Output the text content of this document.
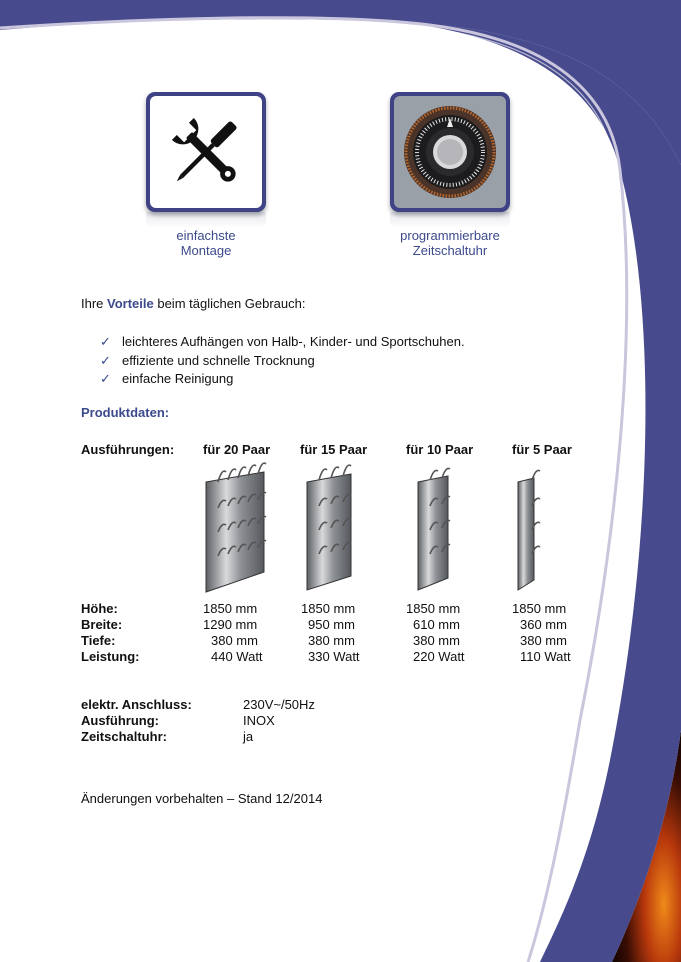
einfachste
Montage
programmierbare
Zeitschaltuhr
Ihre Vorteile beim täglichen Gebrauch:
✓ leichteres Aufhängen von Halb-, Kinder- und Sportschuhen.
✓ effiziente und schnelle Trocknung
✓ einfache Reinigung
Produktdaten:
Ausführungen: für 20 Paar für 15 Paar	für 10 Paar	für 5 Paar
Höhe:
Breite:
Tiefe:
Leistung:
1850 mm
1290 mm
380 mm
440 Watt
1850 mm
950 mm
380 mm
330 Watt
1850 mm
610 mm
380 mm
220 Watt
1850 mm
360 mm
380 mm
110 Watt
elektr. Anschluss:
Ausführung:
Zeitschaltuhr:
230V~/50Hz
INOX
ja
Änderungen vorbehalten – Stand 12/2014
